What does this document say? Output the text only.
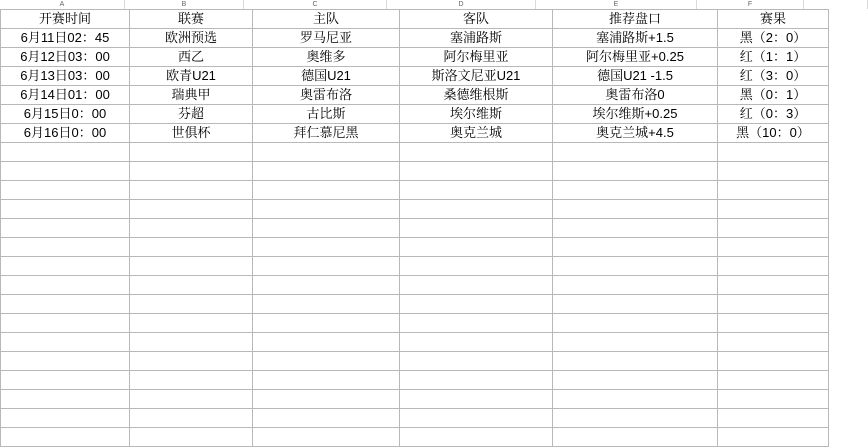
A	B	C	D	E	F
开赛时间	联赛	主队	客队	推荐盘口	赛果
6月11日02：45	欧洲预选	罗马尼亚	塞浦路斯	塞浦路斯+1.5	黑（2：0）
6月12日03：00	西乙	奥维多	阿尔梅里亚	阿尔梅里亚+0.25	红（1：1）
6月13日03：00	欧青U21	德国U21	斯洛文尼亚U21	德国U21 -1.5	红（3：0）
6月14日01：00	瑞典甲	奥雷布洛	桑德维根斯	奥雷布洛0	黑（0：1）
6月15日0：00	芬超	古比斯	埃尔维斯	埃尔维斯+0.25	红（0：3）
6月16日0：00	世俱杯	拜仁慕尼黑	奥克兰城	奥克兰城+4.5	黑（10：0）
